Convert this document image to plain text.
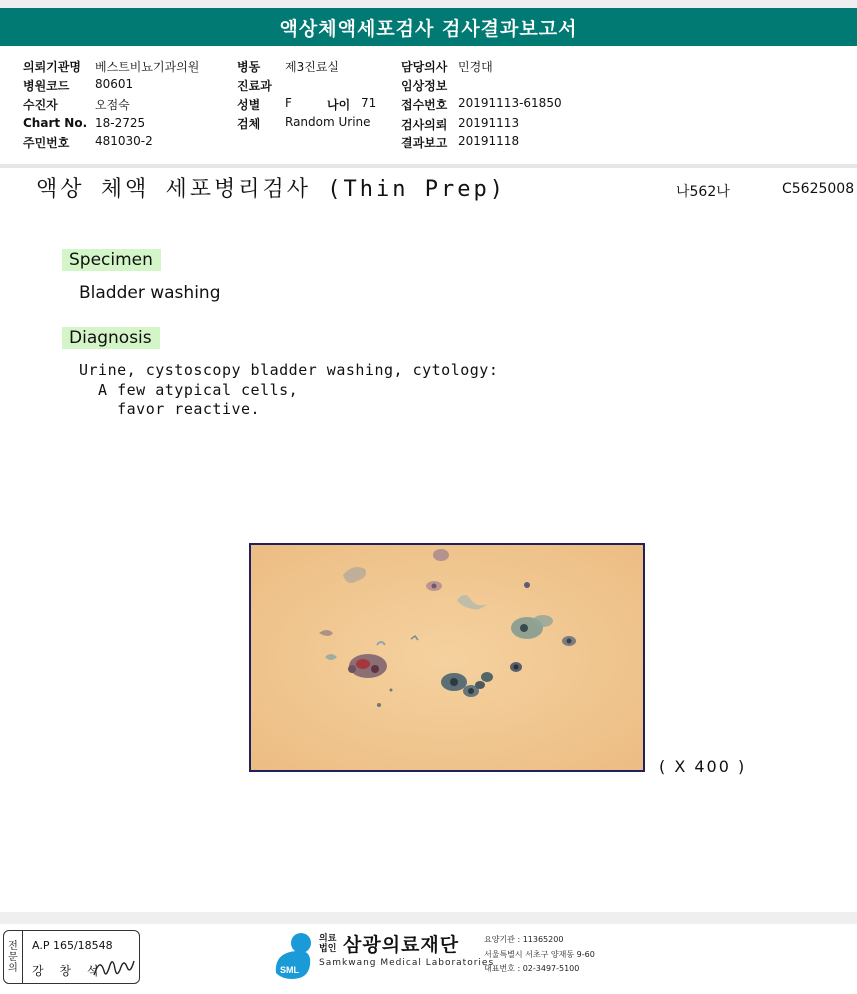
액상체액세포검사 검사결과보고서
의뢰기관명 베스트비뇨기과의원
병원코드 80601
수진자	오점숙
Chart No. 18-2725
주민번호 481030-2
병동 제3진료실
진료과
성별 F	나이 71
검체 Random Urine
담당의사 민경대
임상정보
접수번호 20191113-61850
검사의뢰 20191113
결과보고 20191118
액상 체액 세포병리검사 (Thin Prep)	나562나	C5625008
Specimen
Bladder washing
Diagnosis
Urine, cystoscopy bladder washing, cytology:
A few atypical cells,
favor reactive.
( X 400 )
전
문
의
A.P 165/18548
강 창 석	SML
의료
법인 삼광의료재단
Samkwang Medical Laboratories
요양기관 : 11365200
서울특별시 서초구 양재동 9-60
대표번호 : 02-3497-5100
